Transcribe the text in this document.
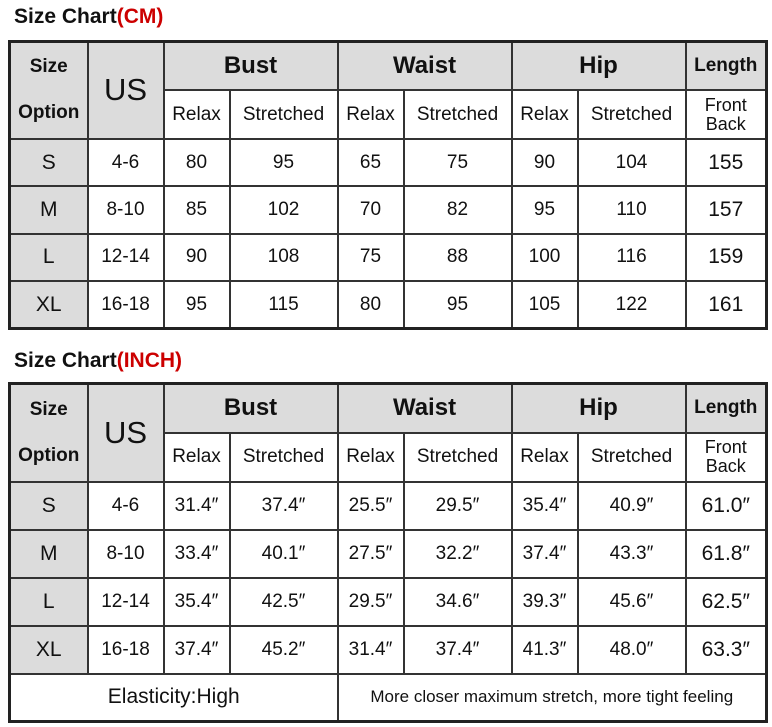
Size Chart(CM)
Size
Option	US	Bust		Waist		Hip		Length
		Relax	Stretched	Relax	Stretched	Relax	Stretched	Front
Back

S	4-6	80	95	65	75	90	104	155
M	8-10	85	102	70	82	95	110	157
L	12-14	90	108	75	88	100	116	159
XL	16-18	95	115	80	95	105	122	161
Size Chart(INCH)
Size
Option	US	Bust		Waist		Hip		Length
		Relax	Stretched	Relax	Stretched	Relax	Stretched	Front
Back

S	4-6	31.4″	37.4″	25.5″	29.5″	35.4″	40.9″	61.0″
M	8-10	33.4″	40.1″	27.5″	32.2″	37.4″	43.3″	61.8″
L	12-14	35.4″	42.5″	29.5″	34.6″	39.3″	45.6″	62.5″
XL	16-18	37.4″	45.2″	31.4″	37.4″	41.3″	48.0″	63.3″
Elasticity:High				More closer maximum stretch, more tight feeling				
